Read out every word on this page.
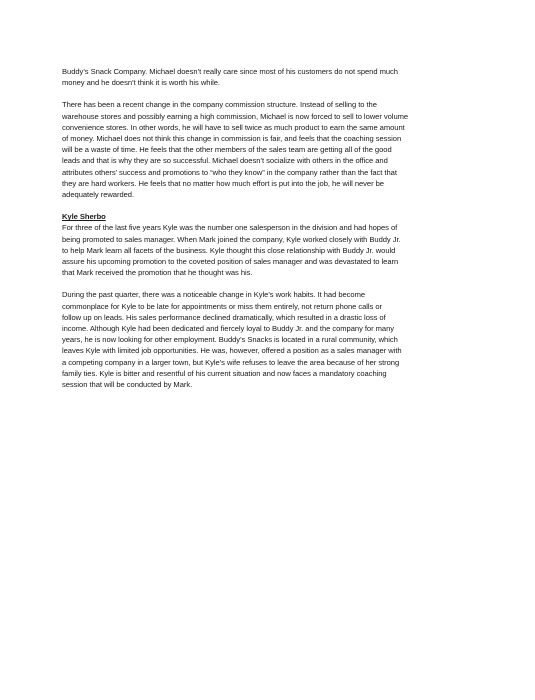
Buddy’s Snack Company. Michael doesn’t really care since most of his customers do not spend much
money and he doesn’t think it is worth his while.
There has been a recent change in the company commission structure. Instead of selling to the
warehouse stores and possibly earning a high commission, Michael is now forced to sell to lower volume
convenience stores. In other words, he will have to sell twice as much product to earn the same amount
of money. Michael does not think this change in commission is fair, and feels that the coaching session
will be a waste of time. He feels that the other members of the sales team are getting all of the good
leads and that is why they are so successful. Michael doesn’t socialize with others in the office and
attributes others’ success and promotions to “who they know” in the company rather than the fact that
they are hard workers. He feels that no matter how much effort is put into the job, he will never be
adequately rewarded.
Kyle Sherbo
For three of the last five years Kyle was the number one salesperson in the division and had hopes of
being promoted to sales manager. When Mark joined the company, Kyle worked closely with Buddy Jr.
to help Mark learn all facets of the business. Kyle thought this close relationship with Buddy Jr. would
assure his upcoming promotion to the coveted position of sales manager and was devastated to learn
that Mark received the promotion that he thought was his.
During the past quarter, there was a noticeable change in Kyle’s work habits. It had become
commonplace for Kyle to be late for appointments or miss them entirely, not return phone calls or
follow up on leads. His sales performance declined dramatically, which resulted in a drastic loss of
income. Although Kyle had been dedicated and fiercely loyal to Buddy Jr. and the company for many
years, he is now looking for other employment. Buddy’s Snacks is located in a rural community, which
leaves Kyle with limited job opportunities. He was, however, offered a position as a sales manager with
a competing company in a larger town, but Kyle’s wife refuses to leave the area because of her strong
family ties. Kyle is bitter and resentful of his current situation and now faces a mandatory coaching
session that will be conducted by Mark.
